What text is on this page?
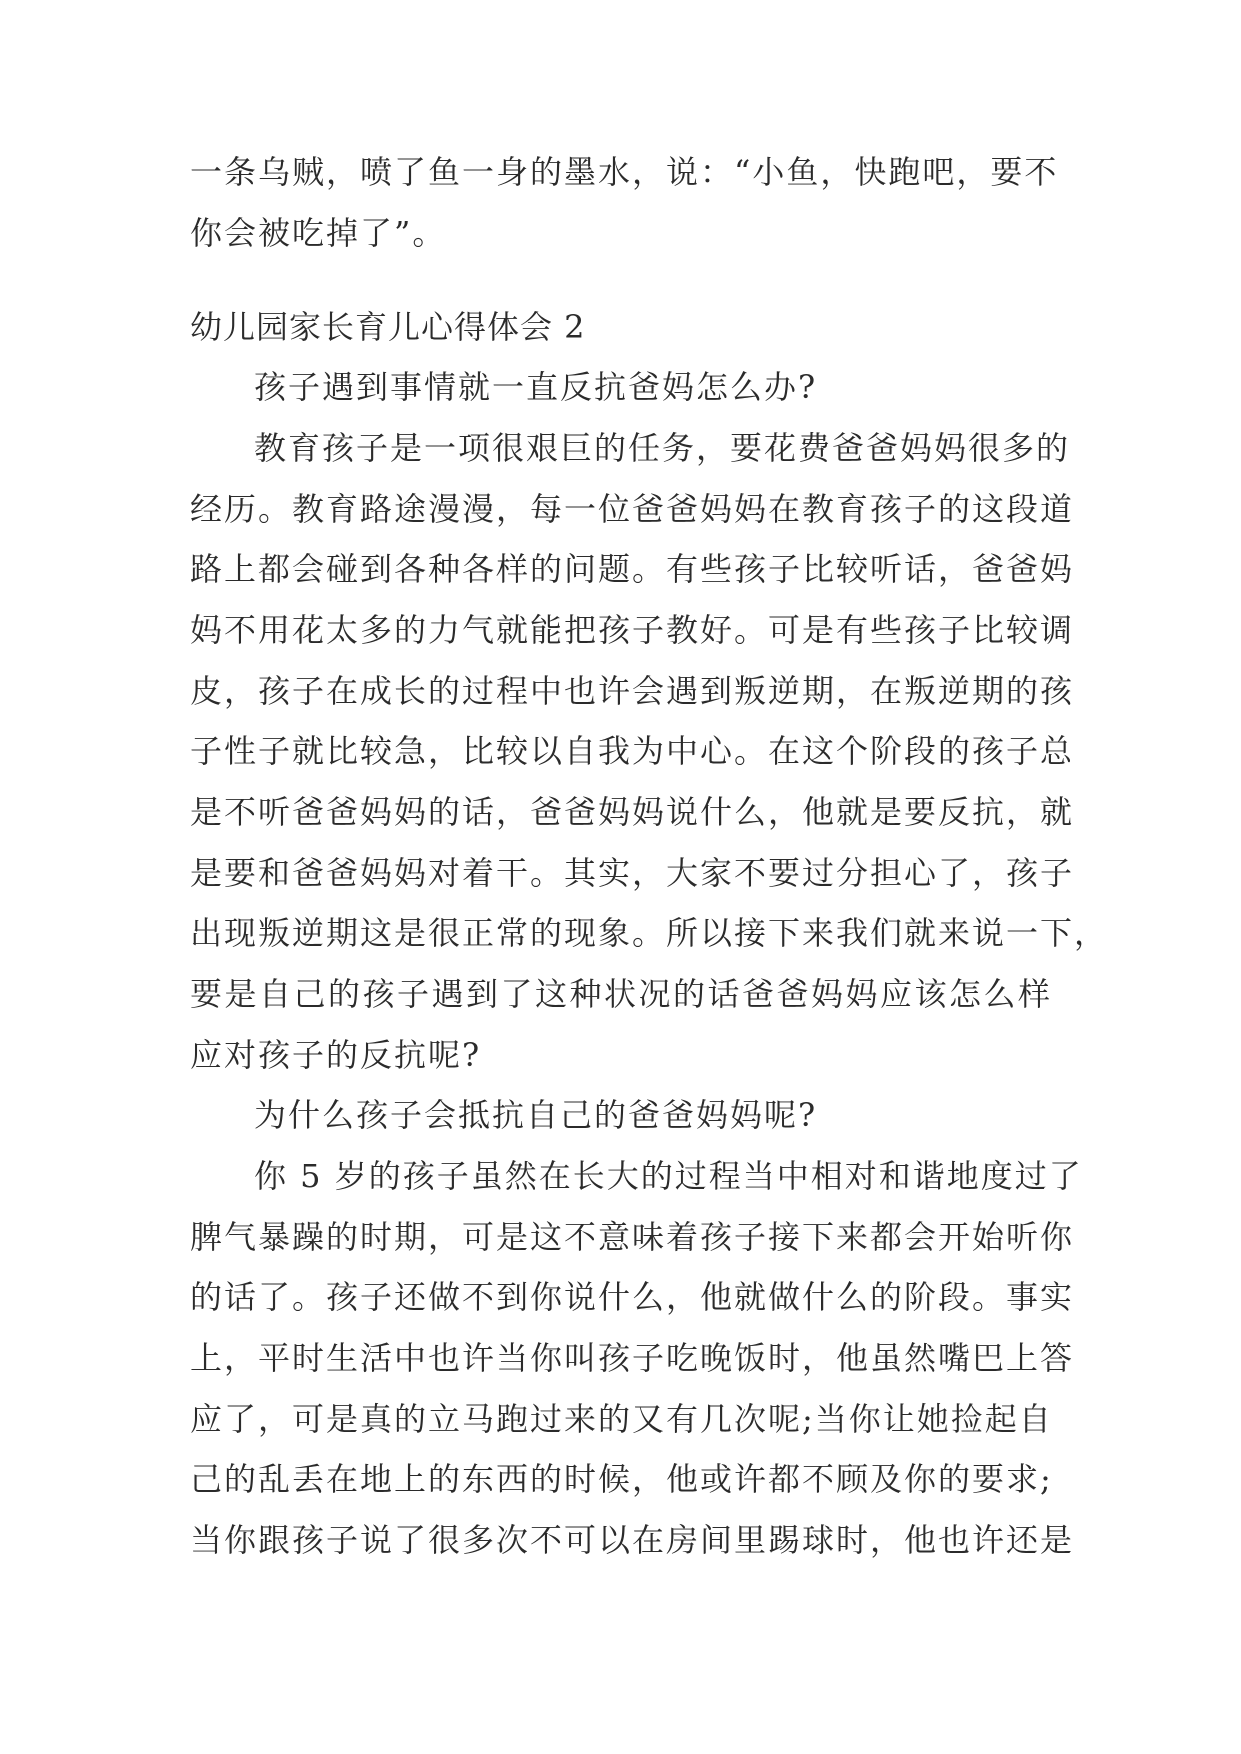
一条乌贼，喷了鱼一身的墨水，说：“小鱼，快跑吧，要不
你会被吃掉了”。
幼儿园家长育儿心得体会 2
孩子遇到事情就一直反抗爸妈怎么办?
教育孩子是一项很艰巨的任务，要花费爸爸妈妈很多的
经历。教育路途漫漫，每一位爸爸妈妈在教育孩子的这段道
路上都会碰到各种各样的问题。有些孩子比较听话，爸爸妈
妈不用花太多的力气就能把孩子教好。可是有些孩子比较调
皮，孩子在成长的过程中也许会遇到叛逆期，在叛逆期的孩
子性子就比较急，比较以自我为中心。在这个阶段的孩子总
是不听爸爸妈妈的话，爸爸妈妈说什么，他就是要反抗，就
是要和爸爸妈妈对着干。其实，大家不要过分担心了，孩子
出现叛逆期这是很正常的现象。所以接下来我们就来说一下，
要是自己的孩子遇到了这种状况的话爸爸妈妈应该怎么样
应对孩子的反抗呢?
为什么孩子会抵抗自己的爸爸妈妈呢?
你 5 岁的孩子虽然在长大的过程当中相对和谐地度过了
脾气暴躁的时期，可是这不意味着孩子接下来都会开始听你
的话了。孩子还做不到你说什么，他就做什么的阶段。事实
上，平时生活中也许当你叫孩子吃晚饭时，他虽然嘴巴上答
应了，可是真的立马跑过来的又有几次呢;当你让她捡起自
己的乱丢在地上的东西的时候，他或许都不顾及你的要求;
当你跟孩子说了很多次不可以在房间里踢球时，他也许还是
